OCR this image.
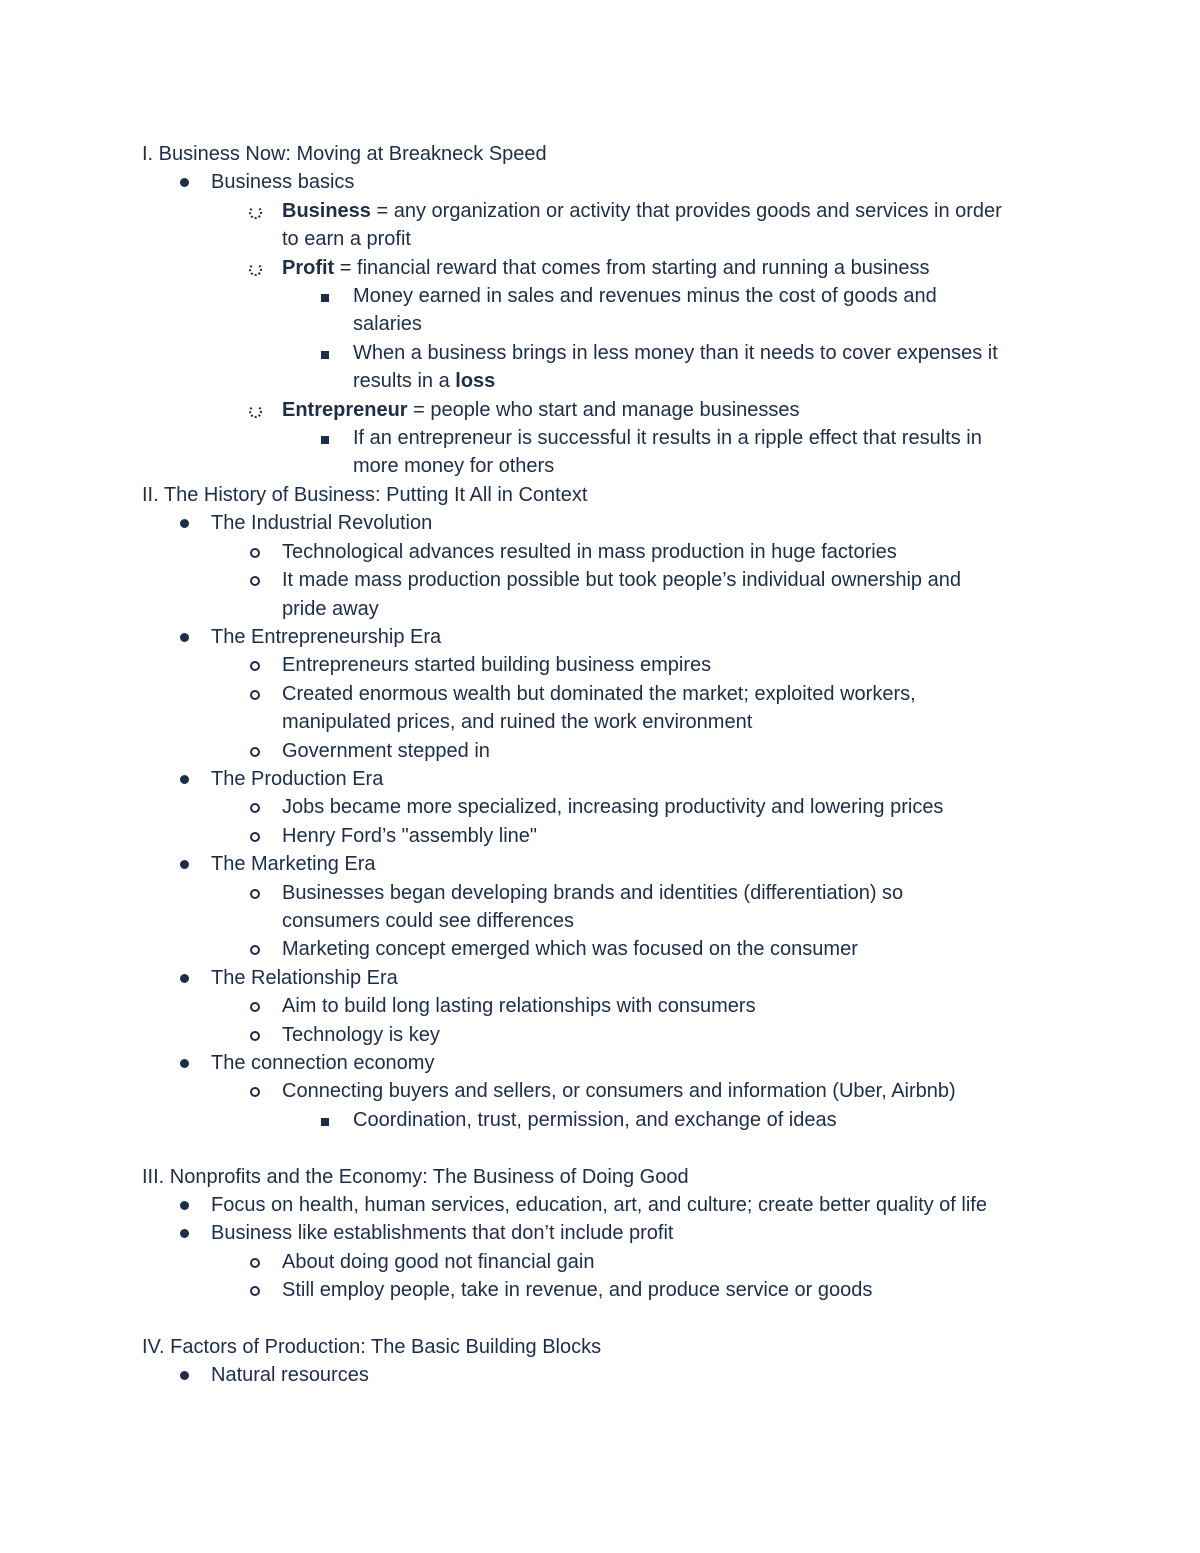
I. Business Now: Moving at Breakneck Speed
Business basics
Business = any organization or activity that provides goods and services in order
to earn a profit
Profit = financial reward that comes from starting and running a business
Money earned in sales and revenues minus the cost of goods and
salaries
When a business brings in less money than it needs to cover expenses it
results in a loss
Entrepreneur = people who start and manage businesses
If an entrepreneur is successful it results in a ripple effect that results in
more money for others
II. The History of Business: Putting It All in Context
The Industrial Revolution
Technological advances resulted in mass production in huge factories
It made mass production possible but took people’s individual ownership and
pride away
The Entrepreneurship Era
Entrepreneurs started building business empires
Created enormous wealth but dominated the market; exploited workers,
manipulated prices, and ruined the work environment
Government stepped in
The Production Era
Jobs became more specialized, increasing productivity and lowering prices
Henry Ford’s "assembly line"
The Marketing Era
Businesses began developing brands and identities (differentiation) so
consumers could see differences
Marketing concept emerged which was focused on the consumer
The Relationship Era
Aim to build long lasting relationships with consumers
Technology is key
The connection economy
Connecting buyers and sellers, or consumers and information (Uber, Airbnb)
Coordination, trust, permission, and exchange of ideas
III. Nonprofits and the Economy: The Business of Doing Good
Focus on health, human services, education, art, and culture; create better quality of life
Business like establishments that don’t include profit
About doing good not financial gain
Still employ people, take in revenue, and produce service or goods
IV. Factors of Production: The Basic Building Blocks
Natural resources
